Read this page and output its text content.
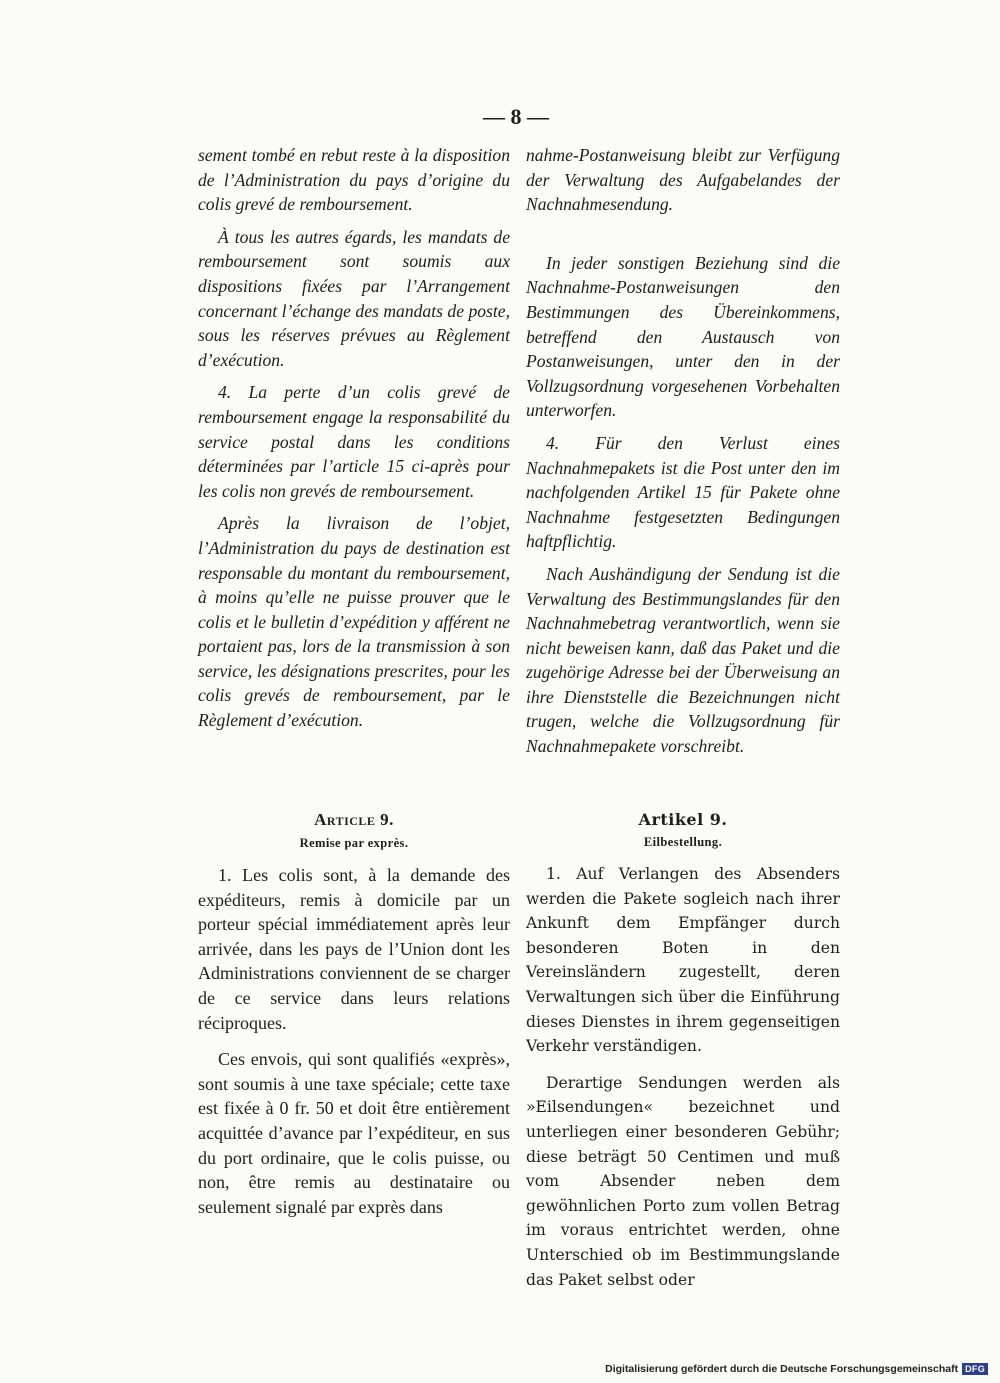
— 8 —

sement tombé en rebut reste à la disposition de l’Administration du pays d’origine du colis grevé de remboursement.

À tous les autres égards, les mandats de remboursement sont soumis aux dispositions fixées par l’Arrangement concernant l’échange des mandats de poste, sous les réserves prévues au Règlement d’exécution.

4. La perte d’un colis grevé de remboursement engage la responsabilité du service postal dans les conditions déterminées par l’article 15 ci-après pour les colis non grevés de remboursement.

Après la livraison de l’objet, l’Administration du pays de destination est responsable du montant du remboursement, à moins qu’elle ne puisse prouver que le colis et le bulletin d’expédition y afférent ne portaient pas, lors de la transmission à son service, les désignations prescrites, pour les colis grevés de remboursement, par le Règlement d’exécution.

nahme-Postanweisung bleibt zur Verfügung der Verwaltung des Aufgabelandes der Nachnahmesendung.

In jeder sonstigen Beziehung sind die Nachnahme-Postanweisungen den Bestimmungen des Übereinkommens, betreffend den Austausch von Postanweisungen, unter den in der Vollzugsordnung vorgesehenen Vorbehalten unterworfen.

4. Für den Verlust eines Nachnahmepakets ist die Post unter den im nachfolgenden Artikel 15 für Pakete ohne Nachnahme festgesetzten Bedingungen haftpflichtig.

Nach Aushändigung der Sendung ist die Verwaltung des Bestimmungslandes für den Nachnahmebetrag verantwortlich, wenn sie nicht beweisen kann, daß das Paket und die zugehörige Adresse bei der Überweisung an ihre Dienststelle die Bezeichnungen nicht trugen, welche die Vollzugsordnung für Nachnahmepakete vorschreibt.

Article 9.
Remise par exprès.

1. Les colis sont, à la demande des expéditeurs, remis à domicile par un porteur spécial immédiatement après leur arrivée, dans les pays de l’Union dont les Administrations conviennent de se charger de ce service dans leurs relations réciproques.

Ces envois, qui sont qualifiés «exprès», sont soumis à une taxe spéciale; cette taxe est fixée à 0 fr. 50 et doit être entièrement acquittée d’avance par l’expéditeur, en sus du port ordinaire, que le colis puisse, ou non, être remis au destinataire ou seulement signalé par exprès dans

Artikel 9.
Eilbestellung.

1. Auf Verlangen des Absenders werden die Pakete sogleich nach ihrer Ankunft dem Empfänger durch besonderen Boten in den Vereinsländern zugestellt, deren Verwaltungen sich über die Einführung dieses Dienstes in ihrem gegenseitigen Verkehr verständigen.

Derartige Sendungen werden als »Eilsendungen« bezeichnet und unterliegen einer besonderen Gebühr; diese beträgt 50 Centimen und muß vom Absender neben dem gewöhnlichen Porto zum vollen Betrag im voraus entrichtet werden, ohne Unterschied ob im Bestimmungslande das Paket selbst oder

Digitalisierung gefördert durch die Deutsche Forschungsgemeinschaft DFG
